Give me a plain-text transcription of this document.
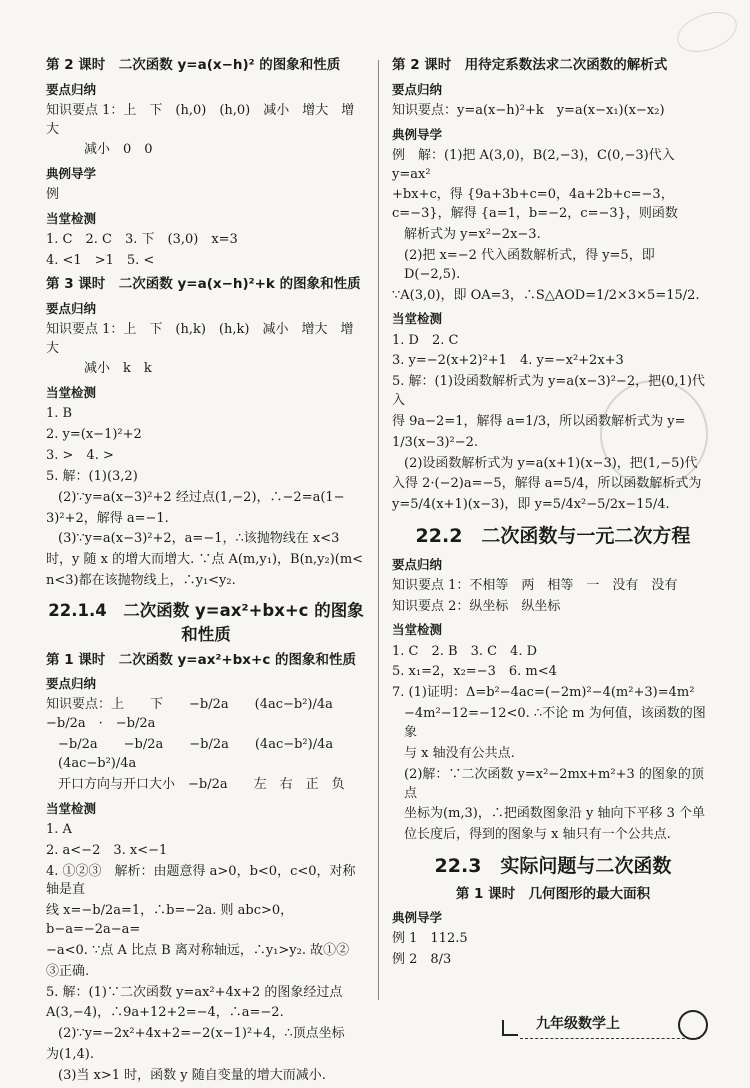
第 2 课时　二次函数 y=a(x−h)² 的图象和性质
要点归纳
知识要点 1：上　下　(h,0)　(h,0)　减小　增大　增大
减小　0　0
典例导学
例
当堂检测
1. C　2. C　3. 下　(3,0)　x=3
4. <1　>1　5. <
第 3 课时　二次函数 y=a(x−h)²+k 的图象和性质
要点归纳
知识要点 1：上　下　(h,k)　(h,k)　减小　增大　增大
减小　k　k
当堂检测
1. B
2. y=(x−1)²+2
3. >　4. >
5. 解：(1)(3,2)
(2)∵y=a(x−3)²+2 经过点(1,−2)，∴−2=a(1−
3)²+2，解得 a=−1.
(3)∵y=a(x−3)²+2，a=−1，∴该抛物线在 x<3
时，y 随 x 的增大而增大. ∵点 A(m,y₁)，B(n,y₂)(m<
n<3)都在该抛物线上，∴y₁<y₂.
22.1.4　二次函数 y=ax²+bx+c 的图象和性质
第 1 课时　二次函数 y=ax²+bx+c 的图象和性质
要点归纳
知识要点：上　　下　　−b/2a　　(4ac−b²)/4a　　−b/2a　·　−b/2a
−b/2a　　−b/2a　　−b/2a　　(4ac−b²)/4a　　(4ac−b²)/4a
开口方向与开口大小　−b/2a　　左　右　正　负
当堂检测
1. A
2. a<−2　3. x<−1
4. ①②③　解析：由题意得 a>0，b<0，c<0，对称轴是直
线 x=−b/2a=1，∴b=−2a. 则 abc>0，b−a=−2a−a=
−a<0. ∵点 A 比点 B 离对称轴远，∴y₁>y₂. 故①②
③正确.
5. 解：(1)∵二次函数 y=ax²+4x+2 的图象经过点
A(3,−4)，∴9a+12+2=−4，∴a=−2.
(2)∵y=−2x²+4x+2=−2(x−1)²+4，∴顶点坐标
为(1,4).
(3)当 x>1 时，函数 y 随自变量的增大而减小.
第 2 课时　用待定系数法求二次函数的解析式
要点归纳
知识要点：y=a(x−h)²+k　y=a(x−x₁)(x−x₂)
典例导学
例　解：(1)把 A(3,0)，B(2,−3)，C(0,−3)代入 y=ax²
+bx+c，得 {9a+3b+c=0，4a+2b+c=−3，c=−3}，解得 {a=1，b=−2，c=−3}，则函数
解析式为 y=x²−2x−3.
(2)把 x=−2 代入函数解析式，得 y=5，即 D(−2,5).
∵A(3,0)，即 OA=3，∴S△AOD=1/2×3×5=15/2.
当堂检测
1. D　2. C
3. y=−2(x+2)²+1　4. y=−x²+2x+3
5. 解：(1)设函数解析式为 y=a(x−3)²−2，把(0,1)代入
得 9a−2=1，解得 a=1/3，所以函数解析式为 y=
1/3(x−3)²−2.
(2)设函数解析式为 y=a(x+1)(x−3)，把(1,−5)代
入得 2·(−2)a=−5，解得 a=5/4，所以函数解析式为
y=5/4(x+1)(x−3)，即 y=5/4x²−5/2x−15/4.
22.2　二次函数与一元二次方程
要点归纳
知识要点 1：不相等　两　相等　一　没有　没有
知识要点 2：纵坐标　纵坐标
当堂检测
1. C　2. B　3. C　4. D
5. x₁=2，x₂=−3　6. m<4
7. (1)证明：Δ=b²−4ac=(−2m)²−4(m²+3)=4m²
−4m²−12=−12<0. ∴不论 m 为何值，该函数的图象
与 x 轴没有公共点.
(2)解：∵二次函数 y=x²−2mx+m²+3 的图象的顶点
坐标为(m,3)，∴把函数图象沿 y 轴向下平移 3 个单
位长度后，得到的图象与 x 轴只有一个公共点.
22.3　实际问题与二次函数
第 1 课时　几何图形的最大面积
典例导学
例 1　112.5
例 2　8/3
九年级数学上
